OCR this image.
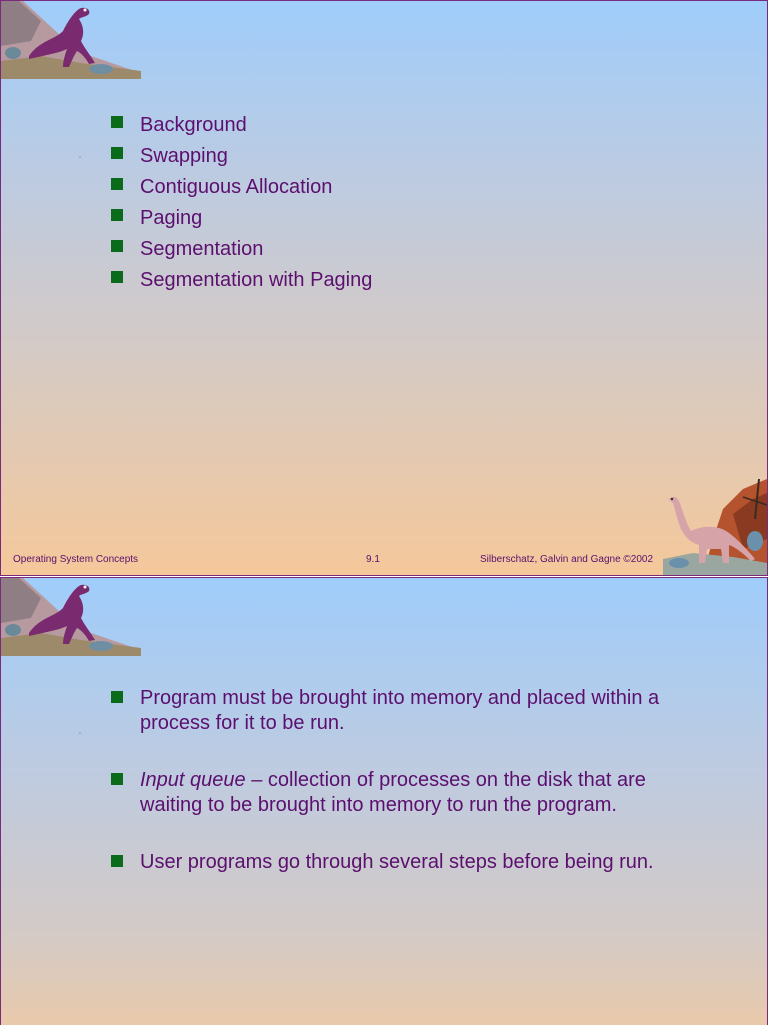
Background
Swapping
Contiguous Allocation
Paging
Segmentation
Segmentation with Paging
Operating System Concepts	9.1	Silberschatz, Galvin and Gagne ©2002
Program must be brought into memory and placed within a process for it to be run.
Input queue – collection of processes on the disk that are waiting to be brought into memory to run the program.
User programs go through several steps before being run.
